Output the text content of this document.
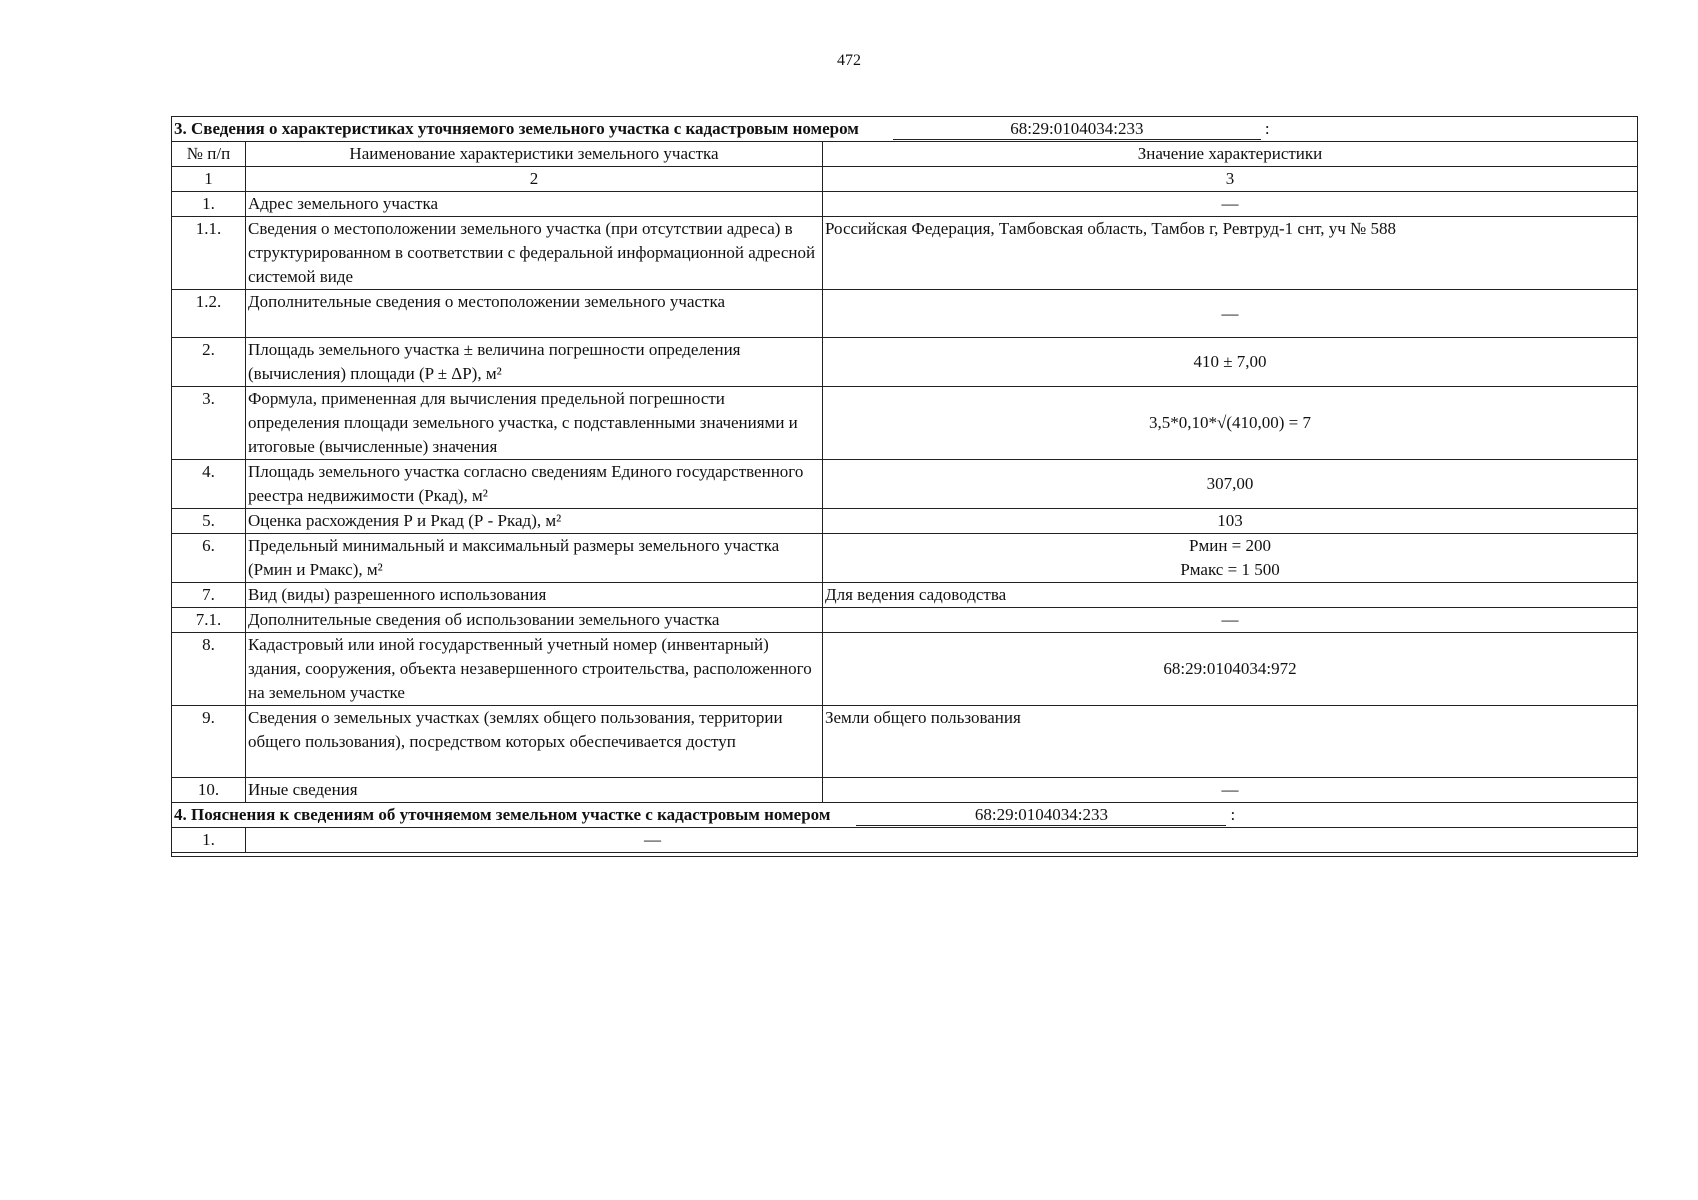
472
3. Сведения о характеристиках уточняемого земельного участка с кадастровым номером 68:29:0104034:233 :		
№ п/п	Наименование характеристики земельного участка	Значение характеристики
1	2	3
1.	Адрес земельного участка	—
1.1.	Сведения о местоположении земельного участка (при отсутствии адреса) в структурированном в соответствии с федеральной информационной адресной системой виде	Российская Федерация, Тамбовская область, Тамбов г, Ревтруд-1 снт, уч № 588
1.2.	Дополнительные сведения о местоположении земельного участка	—
2.	Площадь земельного участка ± величина погрешности определения (вычисления) площади (P ± ΔP), м²	410 ± 7,00
3.	Формула, примененная для вычисления предельной погрешности определения площади земельного участка, с подставленными значениями и итоговые (вычисленные) значения	3,5*0,10*√(410,00) = 7
4.	Площадь земельного участка согласно сведениям Единого государственного реестра недвижимости (Ркад), м²	307,00
5.	Оценка расхождения Р и Ркад (Р - Ркад), м²	103
6.	Предельный минимальный и максимальный размеры земельного участка (Рмин и Рмакс), м²	Рмин = 200
Рмакс = 1 500

7.	Вид (виды) разрешенного использования	Для ведения садоводства
7.1.	Дополнительные сведения об использовании земельного участка	—
8.	Кадастровый или иной государственный учетный номер (инвентарный) здания, сооружения, объекта незавершенного строительства, расположенного на земельном участке	68:29:0104034:972
9.	Сведения о земельных участках (землях общего пользования, территории общего пользования), посредством которых обеспечивается доступ	Земли общего пользования
10.	Иные сведения	—
4. Пояснения к сведениям об уточняемом земельном участке с кадастровым номером 68:29:0104034:233 :		
1.	—	
